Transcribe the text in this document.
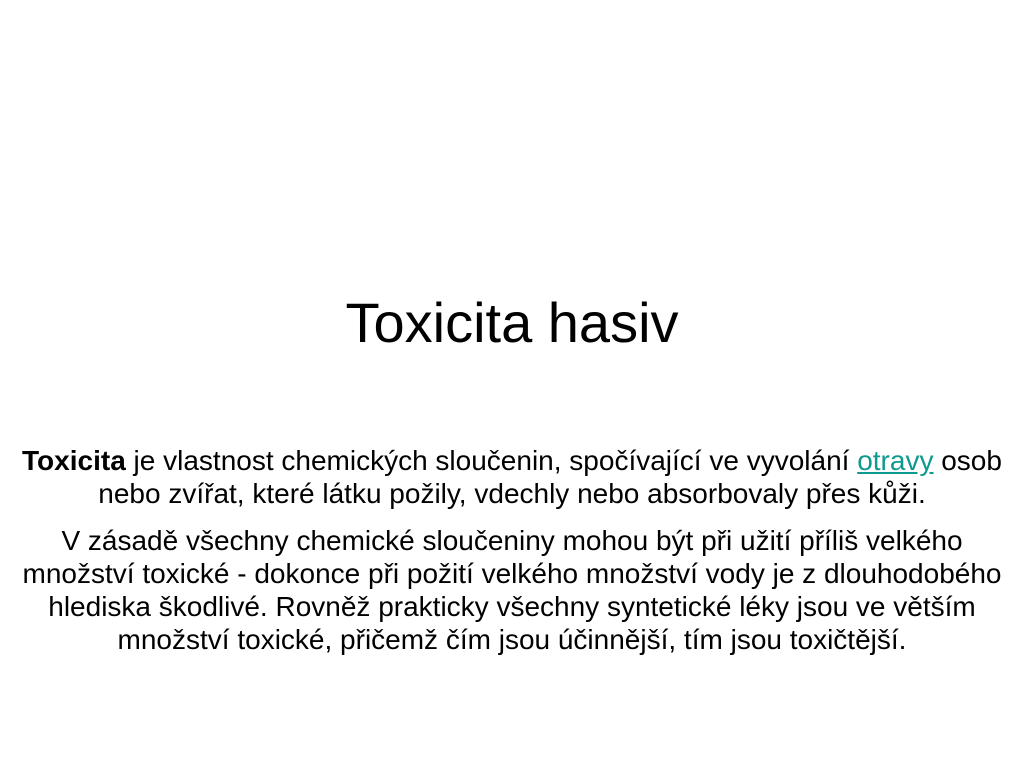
Toxicita hasiv

Toxicita je vlastnost chemických sloučenin, spočívající ve vyvolání otravy osob nebo zvířat, které látku požily, vdechly nebo absorbovaly přes kůži.

V zásadě všechny chemické sloučeniny mohou být při užití příliš velkého množství toxické - dokonce při požití velkého množství vody je z dlouhodobého hlediska škodlivé. Rovněž prakticky všechny syntetické léky jsou ve větším množství toxické, přičemž čím jsou účinnější, tím jsou toxičtější.
